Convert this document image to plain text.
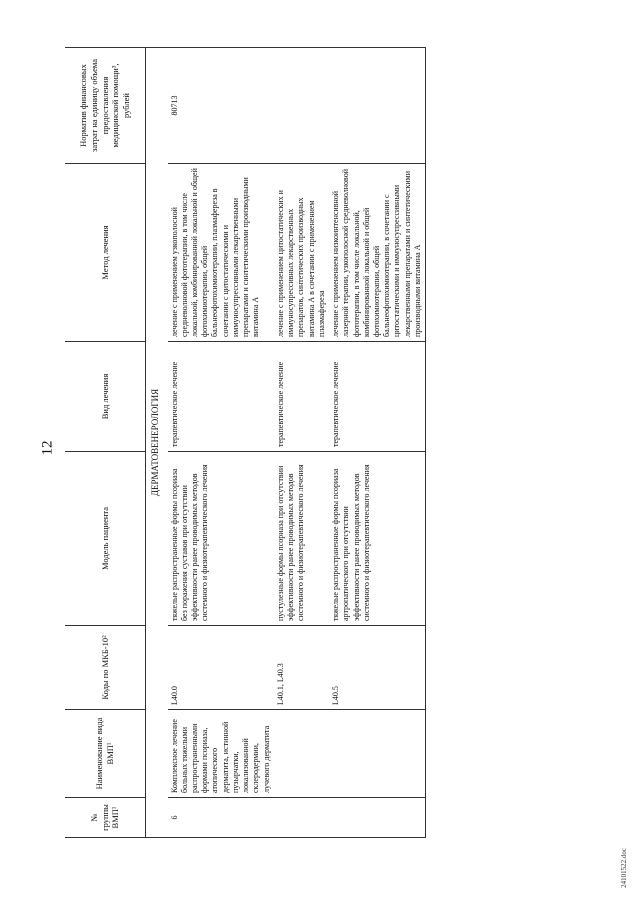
12
№ группы ВМП¹	Наименование вида ВМП¹	Коды по МКБ-10²	Модель пациента	Вид лечения	Метод лечения	Норматив финансовых затрат на единицу объема предоставления медицинской помощи³, рублей
ДЕРМАТОВЕНЕРОЛОГИЯ						
6	Комплексное лечение больных тяжелыми распространенными формами псориаза, атопического дерматита, истинной пузырчатки, локализованной склеродермии, лучевого дерматита	L40.0	тяжелые распространенные формы псориаза без поражения суставов при отсутствии эффективности ранее проводимых методов системного и физиотерапевтического лечения	терапевтическое лечение	лечение с применением узкополосной средневолновой фототерапии, в том числе локальной, комбинированной локальной и общей фотохимиотерапии, общей бальнеофотохимиотерапии, плазмафереза в сочетании с цитостатическими и иммуносупрессивными лекарственными препаратами и синтетическими производными витамина А	80713
		L40.1, L40.3	пустулезные формы псориаза при отсутствии эффективности ранее проводимых методов системного и физиотерапевтического лечения	терапевтическое лечение	лечение с применением цитостатических и иммуносупрессивных лекарственных препаратов, синтетических производных витамина А в сочетании с применением плазмафереза	
		L40.5	тяжелые распространенные формы псориаза артропатического при отсутствии эффективности ранее проводимых методов системного и физиотерапевтического лечения	терапевтическое лечение	лечение с применением низкоинтенсивной лазерной терапии, узкополосной средневолновой фототерапии, в том числе локальной, комбинированной локальной и общей фотохимиотерапии, общей бальнеофотохимиотерапии, в сочетании с цитостатическими и иммуносупрессивными лекарственными препаратами и синтетическими производными витамина А	

24101522.doc
